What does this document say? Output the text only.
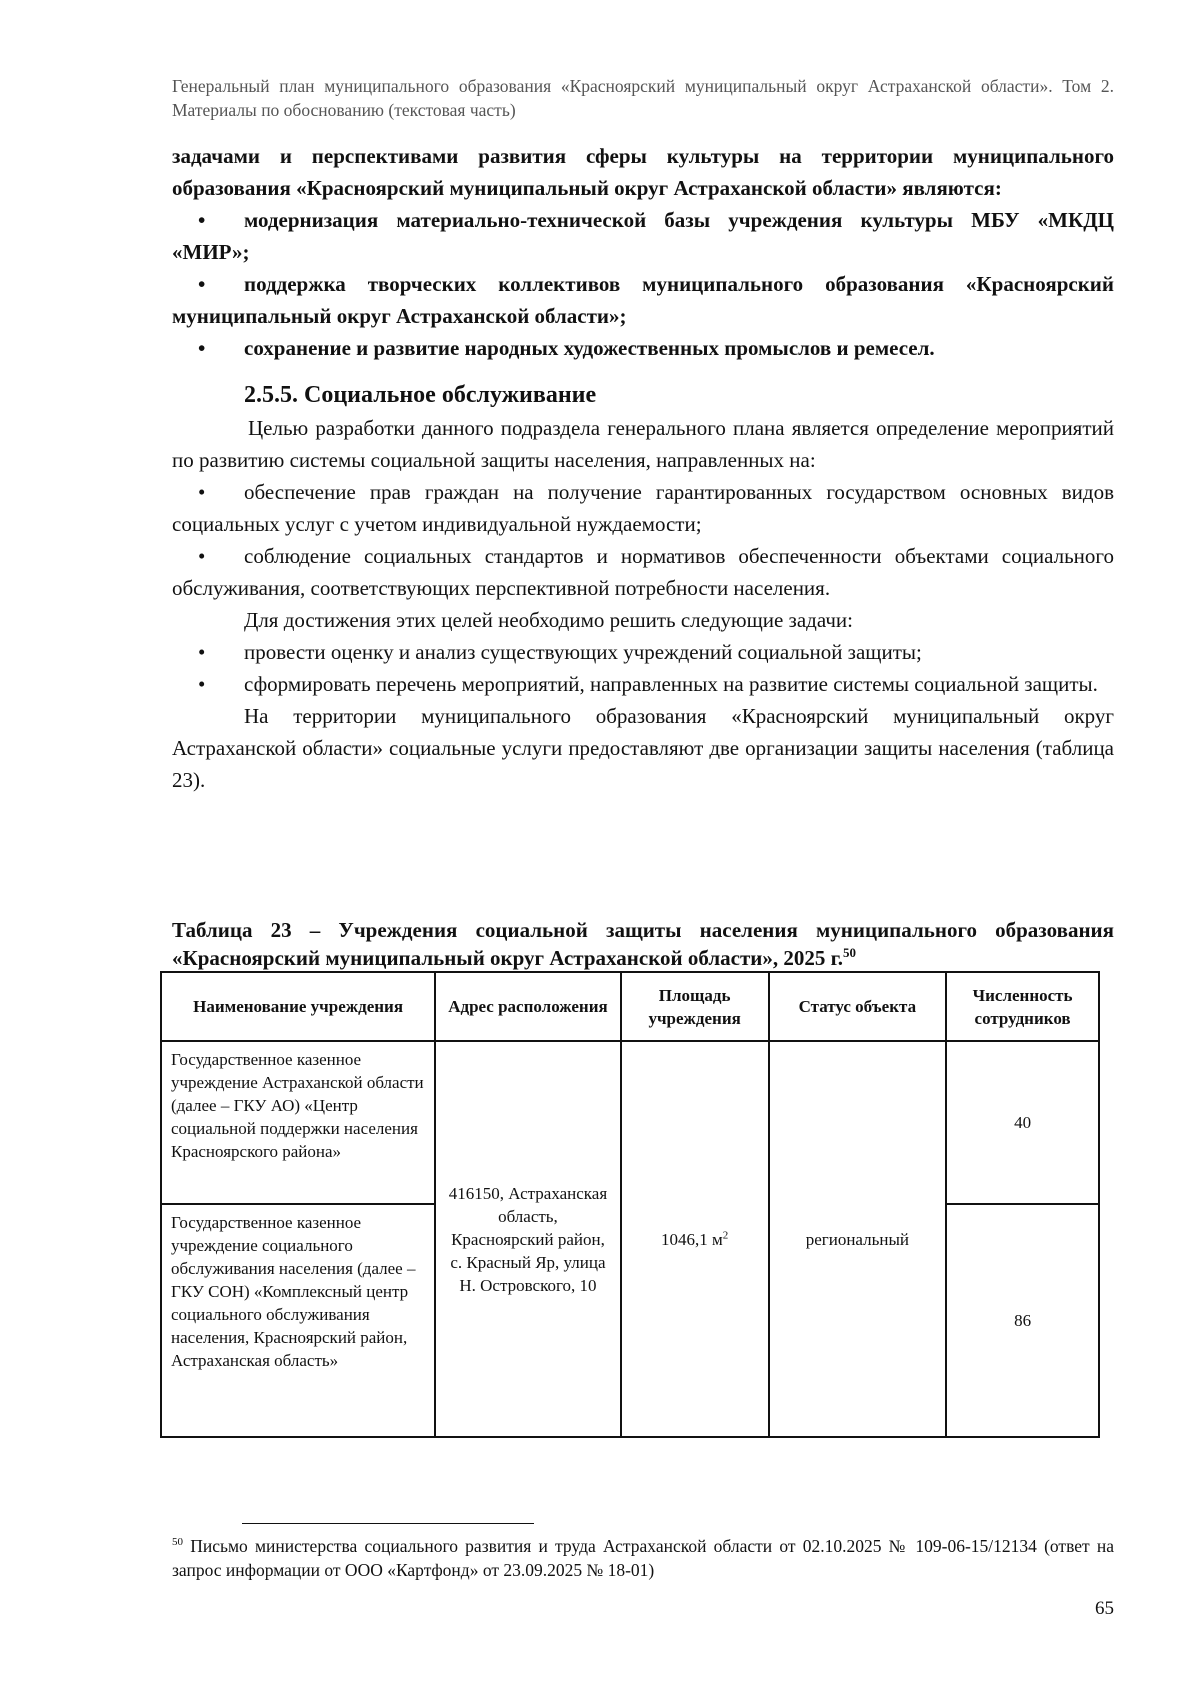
Генеральный план муниципального образования «Красноярский муниципальный округ Астраханской области». Том 2. Материалы по обоснованию (текстовая часть)

задачами и перспективами развития сферы культуры на территории муниципального образования «Красноярский муниципальный округ Астраханской области» являются:

• модернизация материально-технической базы учреждения культуры МБУ «МКДЦ «МИР»;

• поддержка творческих коллективов муниципального образования «Красноярский муниципальный округ Астраханской области»;

• сохранение и развитие народных художественных промыслов и ремесел.

2.5.5. Социальное обслуживание

Целью разработки данного подраздела генерального плана является определение мероприятий по развитию системы социальной защиты населения, направленных на:

• обеспечение прав граждан на получение гарантированных государством основных видов социальных услуг с учетом индивидуальной нуждаемости;

• соблюдение социальных стандартов и нормативов обеспеченности объектами социального обслуживания, соответствующих перспективной потребности населения.

Для достижения этих целей необходимо решить следующие задачи:

• провести оценку и анализ существующих учреждений социальной защиты;

• сформировать перечень мероприятий, направленных на развитие системы социальной защиты.

На территории муниципального образования «Красноярский муниципальный округ Астраханской области» социальные услуги предоставляют две организации защиты населения (таблица 23).

Таблица 23 – Учреждения социальной защиты населения муниципального образования «Красноярский муниципальный округ Астраханской области», 2025 г.$^{50}$
Наименование учреждения	Адрес расположения	Площадь учреждения	Статус объекта	Численность сотрудников
Государственное казенное учреждение Астраханской области (далее – ГКУ АО) «Центр социальной поддержки населения Красноярского района»	416150, Астраханская область, Красноярский район, с. Красный Яр, улица Н. Островского, 10	1046,1 $м^2$	региональный	40
Государственное казенное учреждение социального обслуживания населения (далее – ГКУ СОН) «Комплексный центр социального обслуживания населения, Красноярский район, Астраханская область»				86
$^{50}$ Письмо министерства социального развития и труда Астраханской области от 02.10.2025 № 109-06-15/12134 (ответ на запрос информации от ООО «Картфонд» от 23.09.2025 № 18-01)
65
